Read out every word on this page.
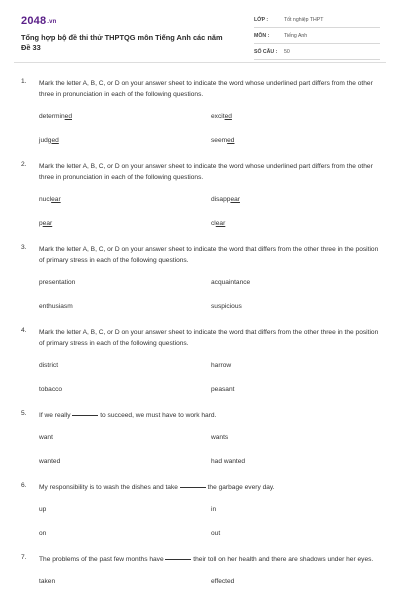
2048.vn
Tổng hợp bộ đề thi thử THPTQG môn Tiếng Anh các năm
Đề 33
LỚP :	Tốt nghiệp THPT
MÔN :	Tiếng Anh
SỐ CÂU : 50
1. Mark the letter A, B, C, or D on your answer sheet to indicate the word whose underlined part differs from the other three in pronunciation in each of the following questions.
determined	excited
judged	seemed
2. Mark the letter A, B, C, or D on your answer sheet to indicate the word whose underlined part differs from the other three in pronunciation in each of the following questions.
nuclear	disappear
pear	clear
3. Mark the letter A, B, C, or D on your answer sheet to indicate the word that differs from the other three in the position of primary stress in each of the following questions.
presentation	acquaintance
enthusiasm	suspicious
4. Mark the letter A, B, C, or D on your answer sheet to indicate the word that differs from the other three in the position of primary stress in each of the following questions.
district	harrow
tobacco	peasant
5. If we really	to succeed, we must have to work hard.
want	wants
wanted	had wanted
6. My responsibility is to wash the dishes and take	the garbage every day.
up	in
on	out
7. The problems of the past few months have	their toll on her health and there are shadows under her eyes.
taken	effected
